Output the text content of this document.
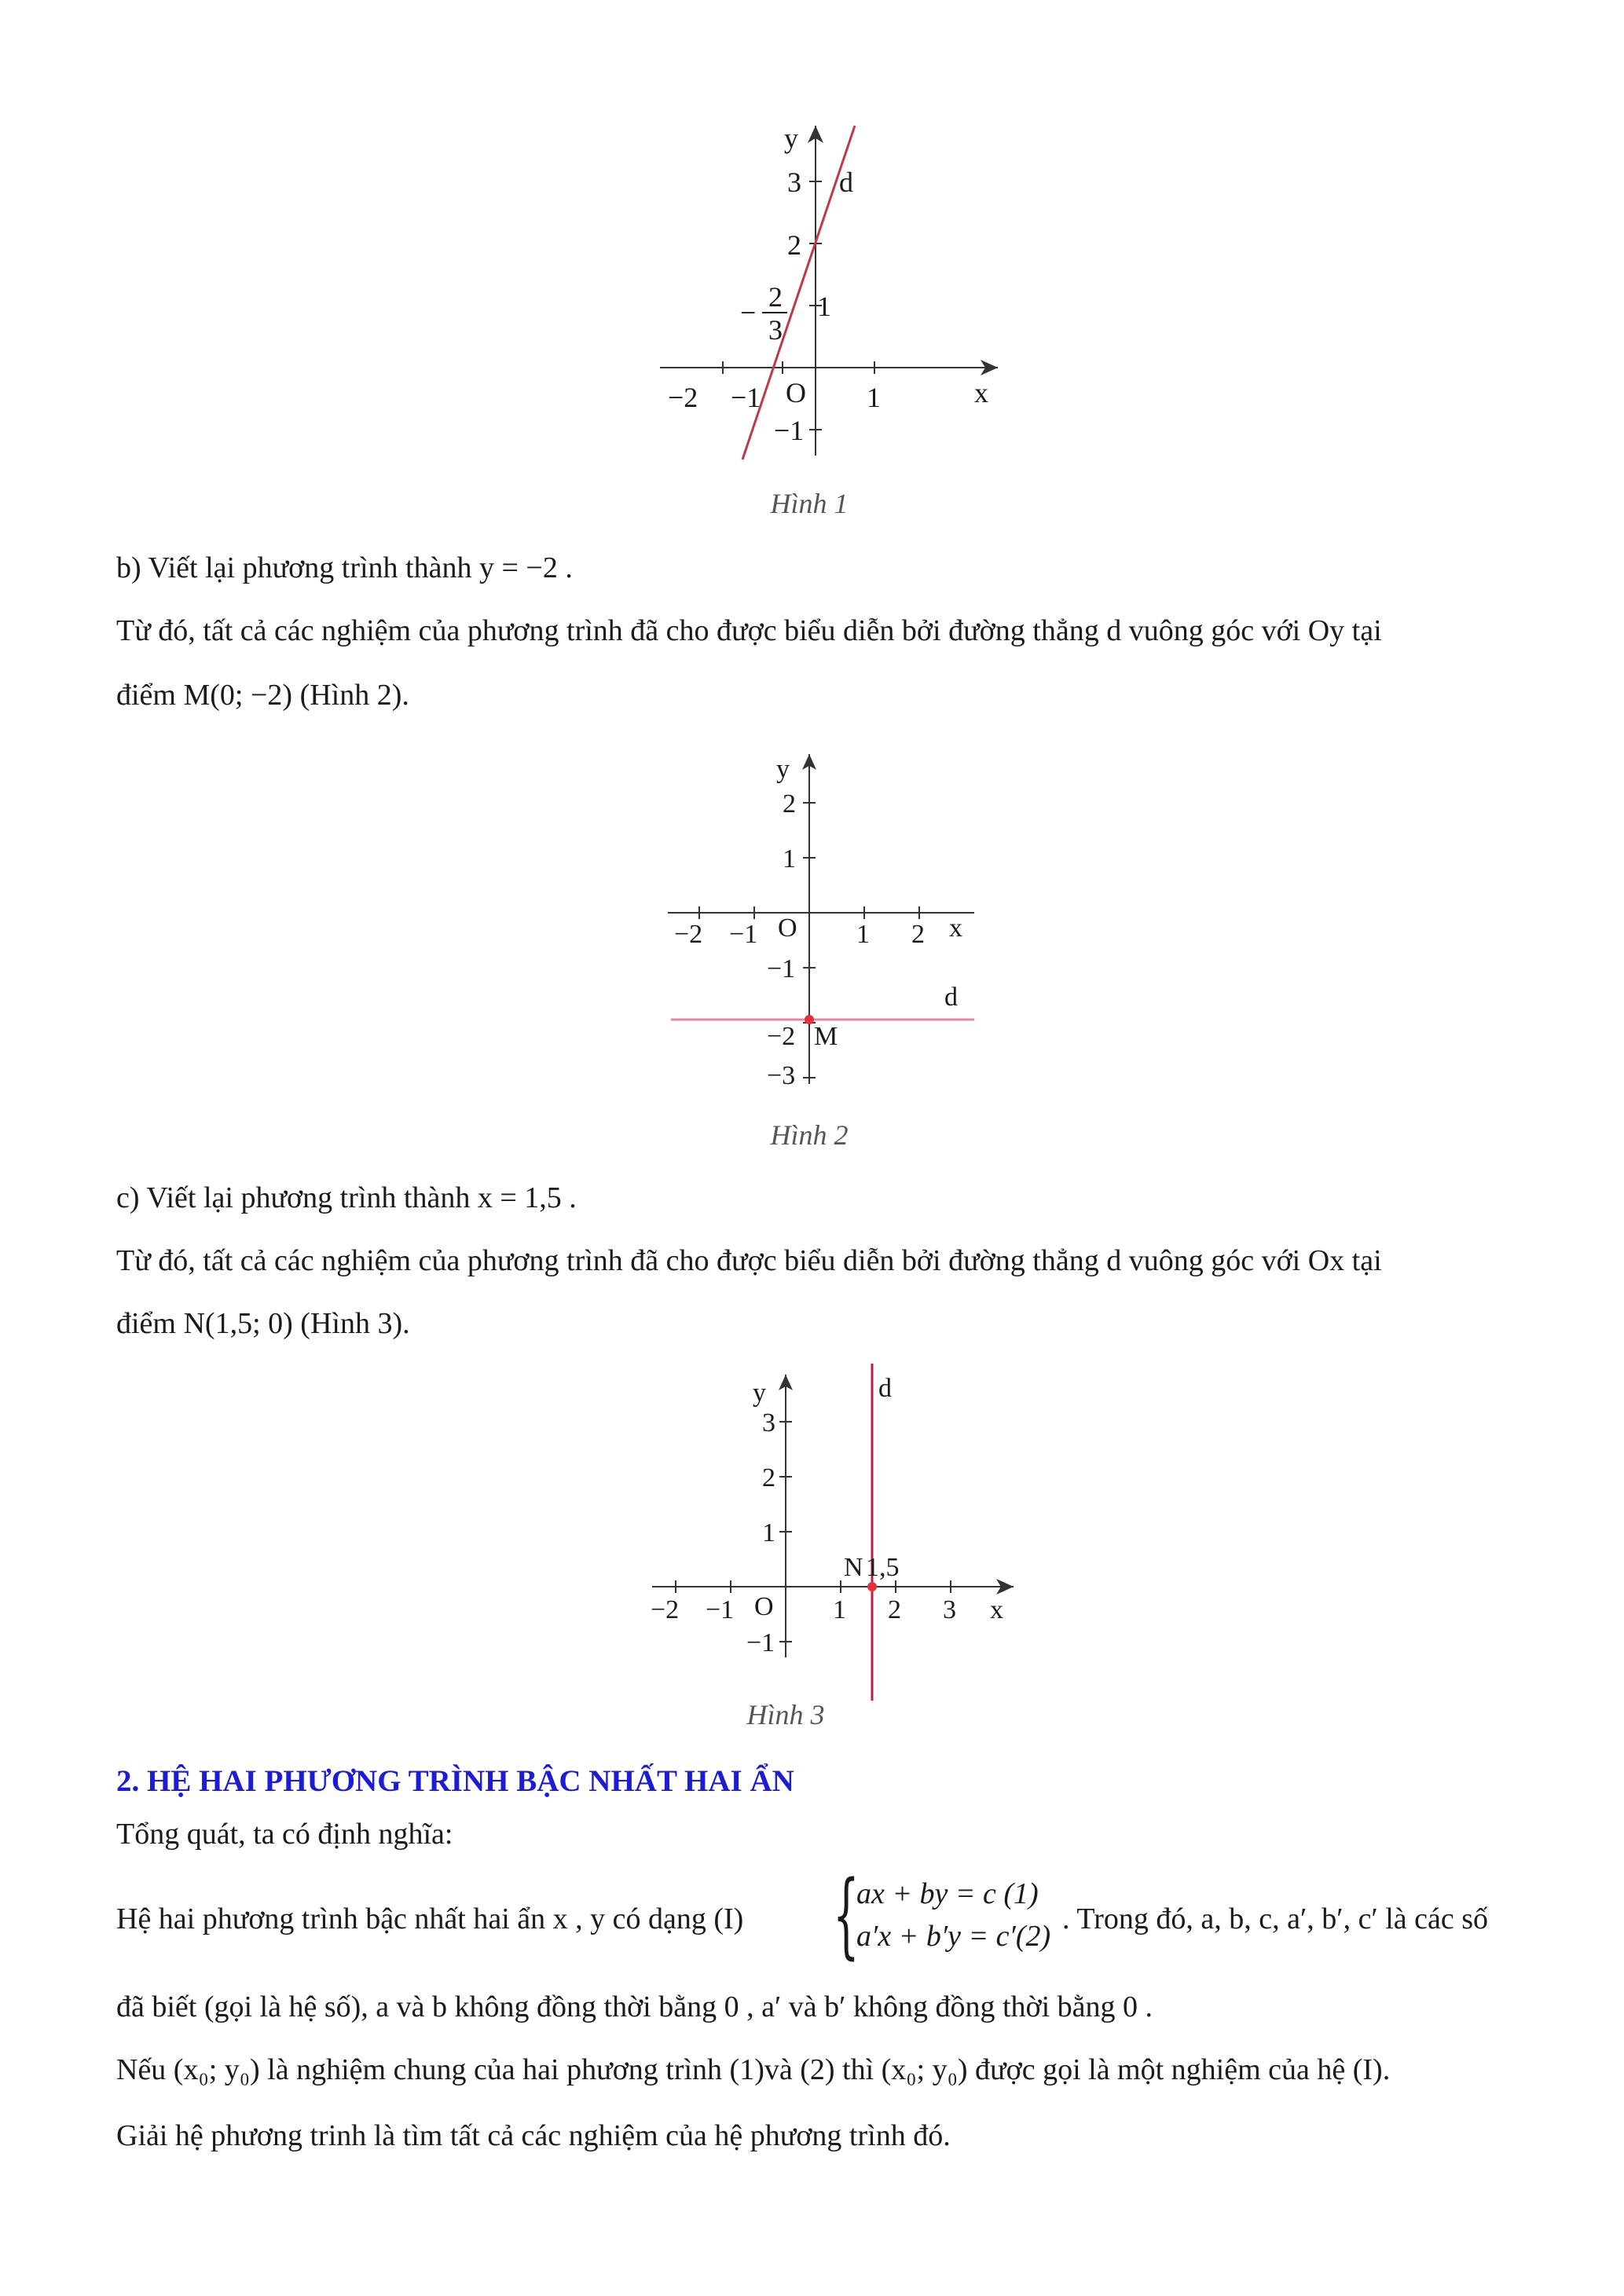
y
x
d
O
−2 −1	1
3
2
1
−1
2
3
−
Hình 1
b) Viết lại phương trình thành y = −2 .
Từ đó, tất cả các nghiệm của phương trình đã cho được biểu diễn bởi đường thẳng d vuông góc với Oy tại
điểm M(0; −2) (Hình 2).
y
x
d
O
M
−2 −1	1 2
2
1
−1
−2
−3
Hình 2
c) Viết lại phương trình thành x = 1,5 .
Từ đó, tất cả các nghiệm của phương trình đã cho được biểu diễn bởi đường thẳng d vuông góc với Ox tại
điểm N(1,5; 0) (Hình 3).
y
x
d
O
N 1,5
−2 −1	1 2 3
3
2
1
−1
Hình 3
2. HỆ HAI PHƯƠNG TRÌNH BẬC NHẤT HAI ẨN
Tổng quát, ta có định nghĩa:
Hệ hai phương trình bậc nhất hai ẩn x , y có dạng (I) {
ax + by = c (1)
a′x + b′y = c′(2)
. Trong đó, a, b, c, a′, b′, c′ là các số
đã biết (gọi là hệ số), a và b không đồng thời bằng 0 , a′ và b′ không đồng thời bằng 0 .
Nếu (x₀; y₀) là nghiệm chung của hai phương trình (1)và (2) thì (x₀; y₀) được gọi là một nghiệm của hệ (I).
Giải hệ phương trinh là tìm tất cả các nghiệm của hệ phương trình đó.
